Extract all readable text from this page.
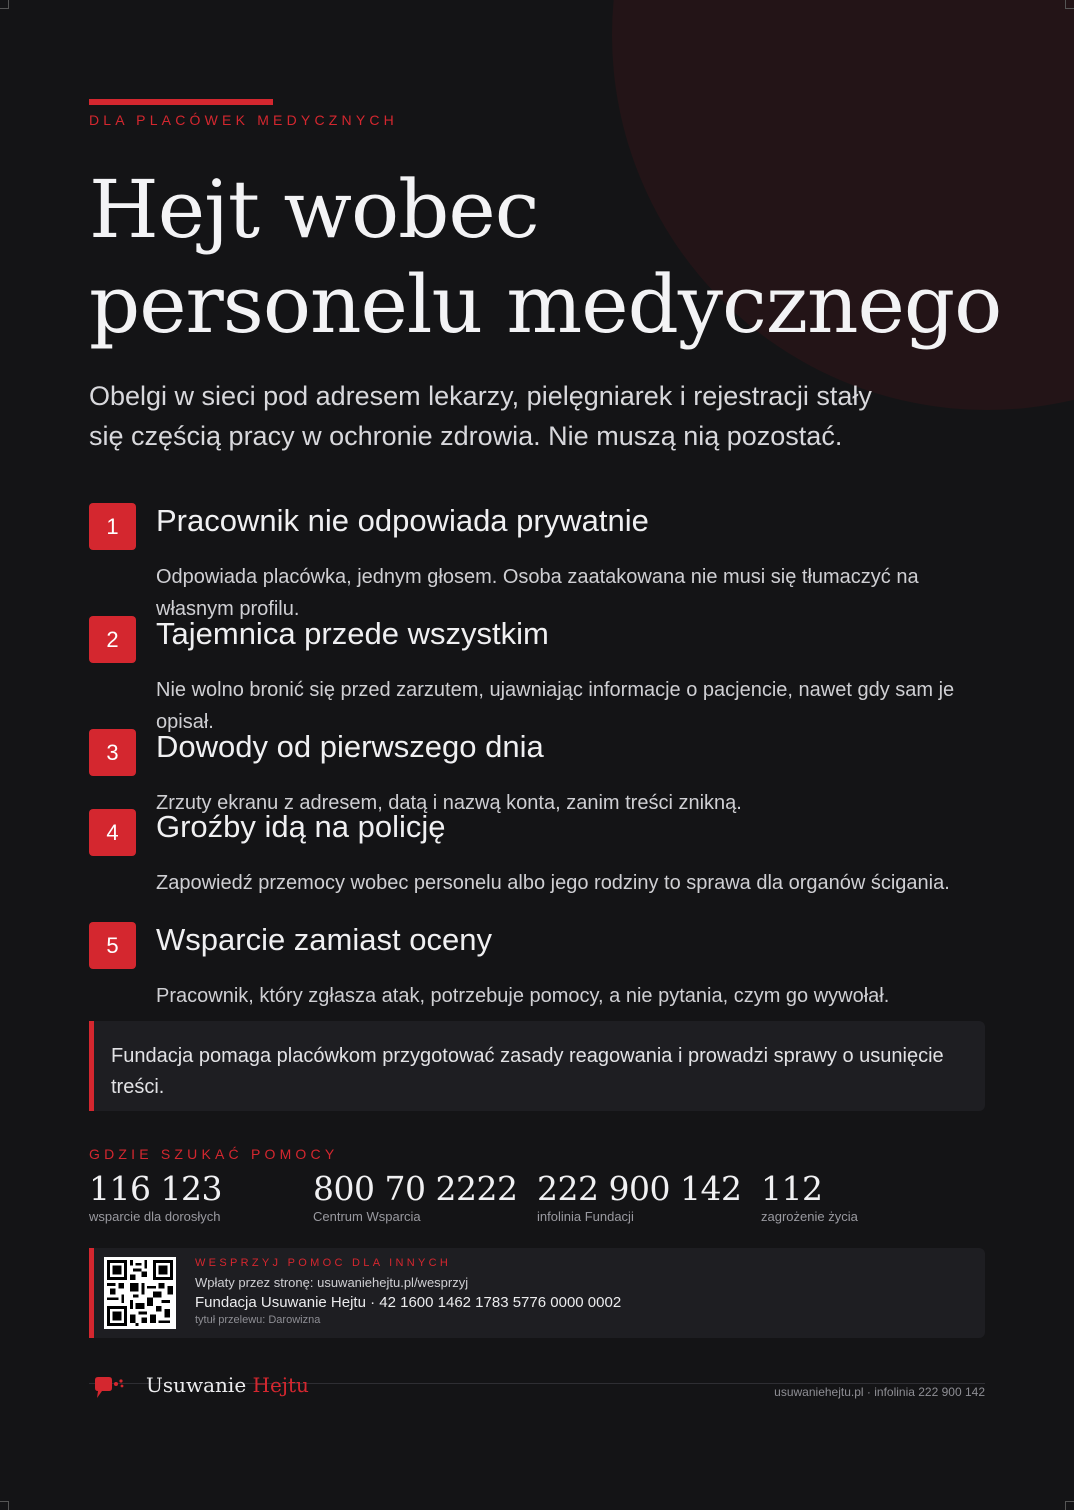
DLA PLACÓWEK MEDYCZNYCH
Hejt wobec
personelu medycznego

Obelgi w sieci pod adresem lekarzy, pielęgniarek i rejestracji stały się częścią pracy w ochronie zdrowia. Nie muszą nią pozostać.

1	Pracownik nie odpowiada prywatnie
Odpowiada placówka, jednym głosem. Osoba zaatakowana nie musi się tłumaczyć na własnym profilu.
2	Tajemnica przede wszystkim
Nie wolno bronić się przed zarzutem, ujawniając informacje o pacjencie, nawet gdy sam je opisał.
3	Dowody od pierwszego dnia
Zrzuty ekranu z adresem, datą i nazwą konta, zanim treści znikną.
4	Groźby idą na policję
Zapowiedź przemocy wobec personelu albo jego rodziny to sprawa dla organów ścigania.
5	Wsparcie zamiast oceny
Pracownik, który zgłasza atak, potrzebuje pomocy, a nie pytania, czym go wywołał.
Fundacja pomaga placówkom przygotować zasady reagowania i prowadzi sprawy o usunięcie treści.
GDZIE SZUKAĆ POMOCY
116 123
wsparcie dla dorosłych
800 70 2222
Centrum Wsparcia
222 900 142
infolinia Fundacji
112
zagrożenie życia
WESPRZYJ POMOC DLA INNYCH
Wpłaty przez stronę: usuwaniehejtu.pl/wesprzyj
Fundacja Usuwanie Hejtu · 42 1600 1462 1783 5776 0000 0002
tytuł przelewu: Darowizna
Usuwanie Hejtu	usuwaniehejtu.pl · infolinia 222 900 142
